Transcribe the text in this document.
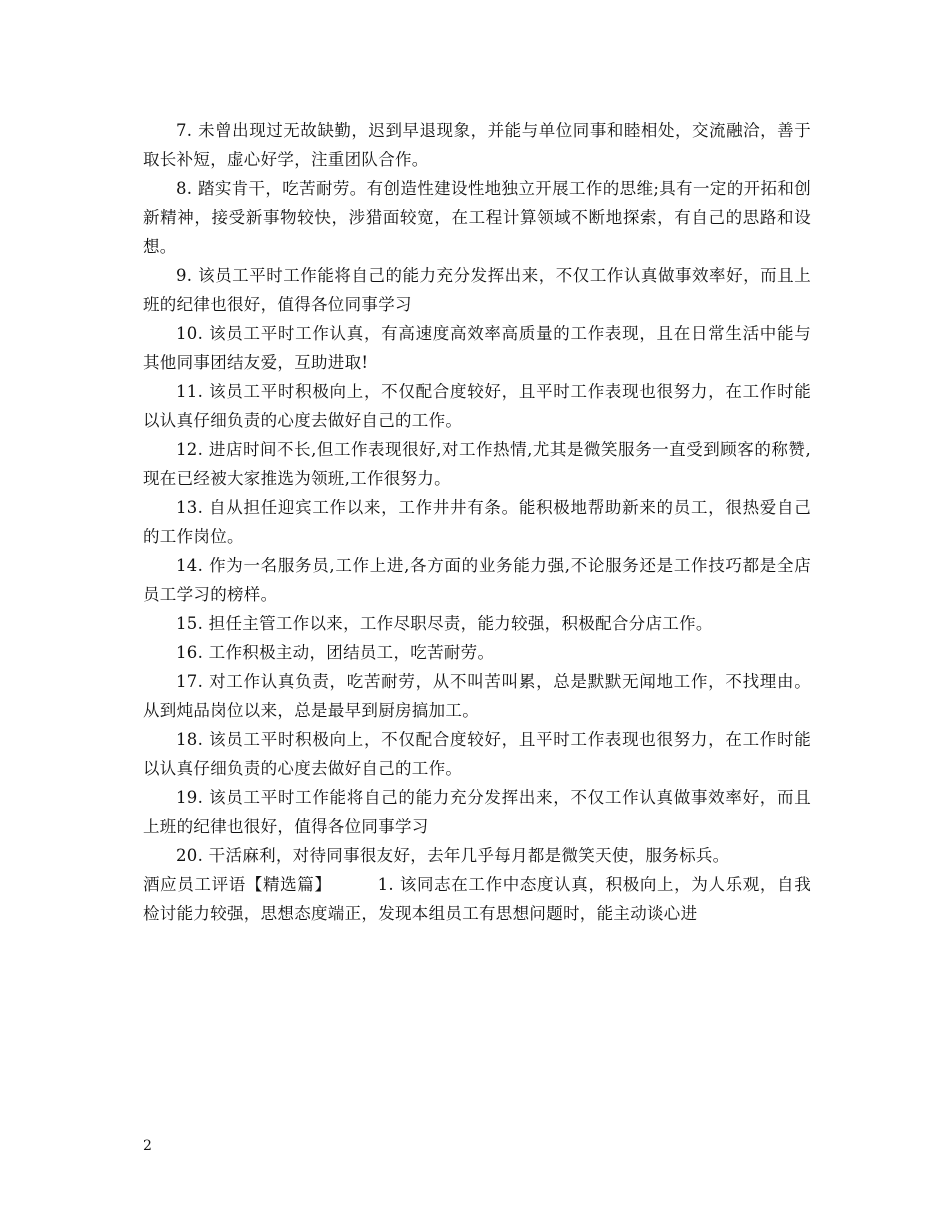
7. 未曾出现过无故缺勤，迟到早退现象，并能与单位同事和睦相处，交流融洽，善于取长补短，虚心好学，注重团队合作。

8. 踏实肯干，吃苦耐劳。有创造性建设性地独立开展工作的思维;具有一定的开拓和创新精神，接受新事物较快，涉猎面较宽，在工程计算领域不断地探索，有自己的思路和设想。

9. 该员工平时工作能将自己的能力充分发挥出来，不仅工作认真做事效率好，而且上班的纪律也很好，值得各位同事学习

10. 该员工平时工作认真，有高速度高效率高质量的工作表现，且在日常生活中能与其他同事团结友爱，互助进取!

11. 该员工平时积极向上，不仅配合度较好，且平时工作表现也很努力，在工作时能以认真仔细负责的心度去做好自己的工作。

12. 进店时间不长,但工作表现很好,对工作热情,尤其是微笑服务一直受到顾客的称赞,现在已经被大家推选为领班,工作很努力。

13. 自从担任迎宾工作以来，工作井井有条。能积极地帮助新来的员工，很热爱自己的工作岗位。

14. 作为一名服务员,工作上进,各方面的业务能力强,不论服务还是工作技巧都是全店员工学习的榜样。

15. 担任主管工作以来，工作尽职尽责，能力较强，积极配合分店工作。

16. 工作积极主动，团结员工，吃苦耐劳。

17. 对工作认真负责，吃苦耐劳，从不叫苦叫累，总是默默无闻地工作，不找理由。从到炖品岗位以来，总是最早到厨房搞加工。

18. 该员工平时积极向上，不仅配合度较好，且平时工作表现也很努力，在工作时能以认真仔细负责的心度去做好自己的工作。

19. 该员工平时工作能将自己的能力充分发挥出来，不仅工作认真做事效率好，而且上班的纪律也很好，值得各位同事学习

20. 干活麻利，对待同事很友好，去年几乎每月都是微笑天使，服务标兵。

酒应员工评语【精选篇】	1. 该同志在工作中态度认真，积极向上，为人乐观，自我检讨能力较强，思想态度端正，发现本组员工有思想问题时，能主动谈心进

2
